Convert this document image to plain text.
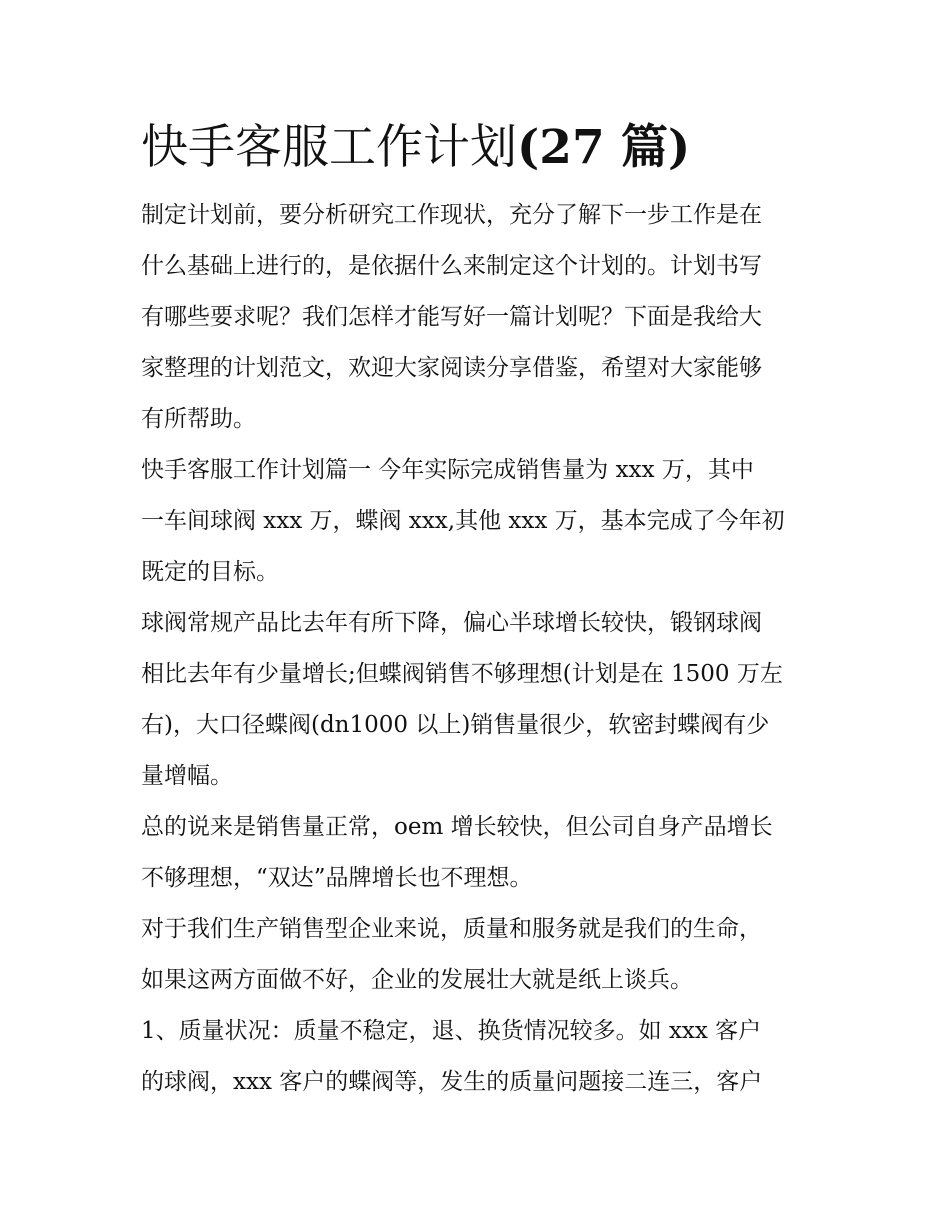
快手客服工作计划(27 篇)
制定计划前，要分析研究工作现状，充分了解下一步工作是在
什么基础上进行的，是依据什么来制定这个计划的。计划书写
有哪些要求呢？我们怎样才能写好一篇计划呢？下面是我给大
家整理的计划范文，欢迎大家阅读分享借鉴，希望对大家能够
有所帮助。
快手客服工作计划篇一 今年实际完成销售量为 xxx 万，其中
一车间球阀 xxx 万，蝶阀 xxx,其他 xxx 万，基本完成了今年初
既定的目标。
球阀常规产品比去年有所下降，偏心半球增长较快，锻钢球阀
相比去年有少量增长;但蝶阀销售不够理想(计划是在 1500 万左
右)，大口径蝶阀(dn1000 以上)销售量很少，软密封蝶阀有少
量增幅。
总的说来是销售量正常，oem 增长较快，但公司自身产品增长
不够理想，“双达”品牌增长也不理想。
对于我们生产销售型企业来说，质量和服务就是我们的生命，
如果这两方面做不好，企业的发展壮大就是纸上谈兵。
1、质量状况：质量不稳定，退、换货情况较多。如 xxx 客户
的球阀，xxx 客户的蝶阀等，发生的质量问题接二连三，客户
